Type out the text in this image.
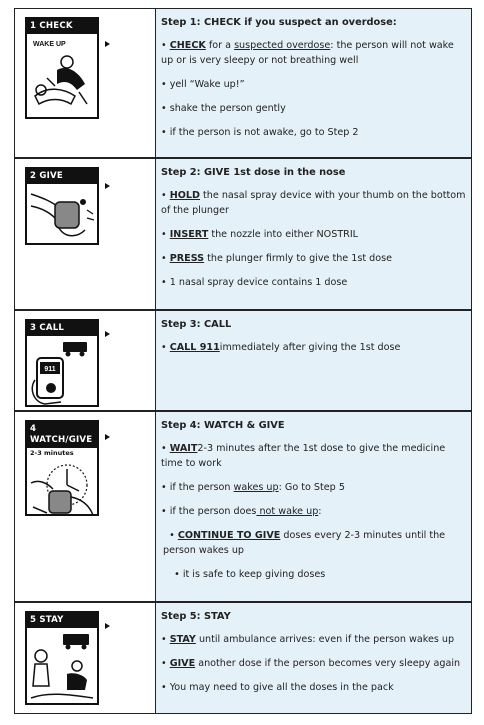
1 CHECK
WAKE UP
Step 1: CHECK if you suspect an overdose:

• CHECK for a suspected overdose: the person will not wake up or is very sleepy or not breathing well

• yell “Wake up!”

• shake the person gently

• if the person is not awake, go to Step 2

2 GIVE	Step 2: GIVE 1st dose in the nose

• HOLD the nasal spray device with your thumb on the bottom of the plunger

• INSERT the nozzle into either NOSTRIL

• PRESS the plunger firmly to give the 1st dose

• 1 nasal spray device contains 1 dose

3 CALL
911
Step 3: CALL

• CALL 911immediately after giving the 1st dose

4 WATCH/GIVE
2-3 minutes
Step 4: WATCH & GIVE

• WAIT2-3 minutes after the 1st dose to give the medicine time to work

• if the person wakes up: Go to Step 5

• if the person does not wake up:

• CONTINUE TO GIVE doses every 2-3 minutes until the person wakes up

• it is safe to keep giving doses

5 STAY	Step 5: STAY

• STAY until ambulance arrives: even if the person wakes up

• GIVE another dose if the person becomes very sleepy again

• You may need to give all the doses in the pack
